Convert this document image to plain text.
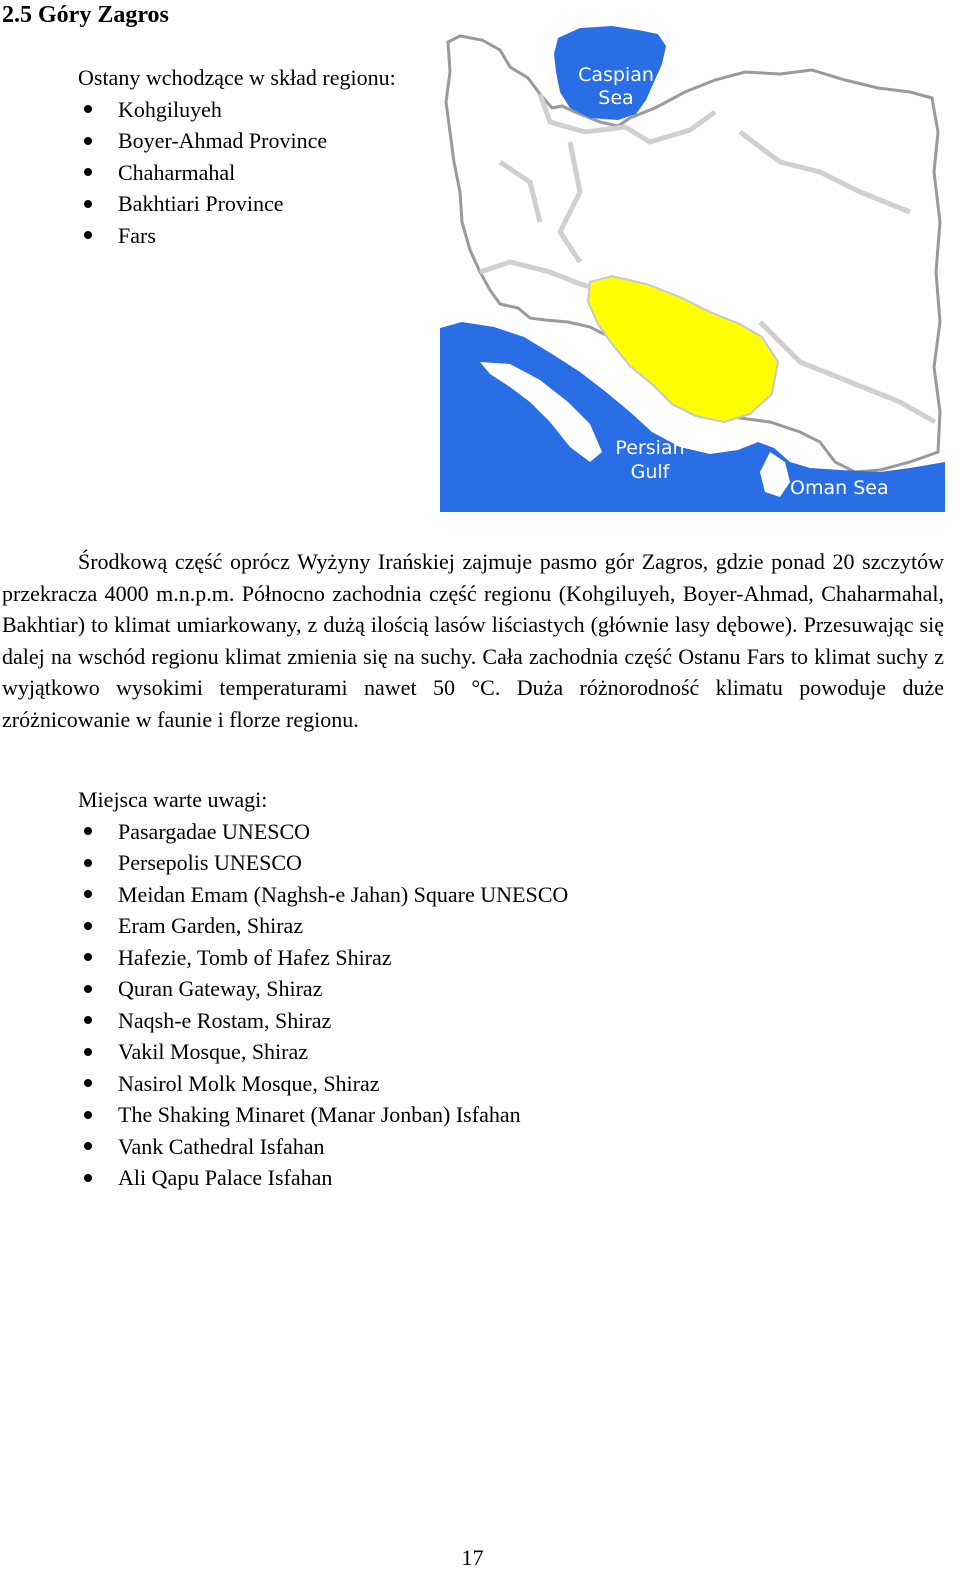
2.5 Góry Zagros

Ostany wchodzące w skład regionu:

Kohgiluyeh
Boyer-Ahmad Province
Chaharmahal
Bakhtiari Province
Fars
Caspian
Sea
Persian
Gulf
Oman Sea

Środkową część oprócz Wyżyny Irańskiej zajmuje pasmo gór Zagros, gdzie ponad 20 szczytów przekracza 4000 m.n.p.m. Północno zachodnia część regionu (Kohgiluyeh, Boyer-Ahmad, Chaharmahal, Bakhtiar) to klimat umiarkowany, z dużą ilością lasów liściastych (głównie lasy dębowe). Przesuwając się dalej na wschód regionu klimat zmienia się na suchy. Cała zachodnia część Ostanu Fars to klimat suchy z wyjątkowo wysokimi temperaturami nawet 50 °C. Duża różnorodność klimatu powoduje duże zróżnicowanie w faunie i florze regionu.

Miejsca warte uwagi:

Pasargadae UNESCO
Persepolis UNESCO
Meidan Emam (Naghsh-e Jahan) Square UNESCO
Eram Garden, Shiraz
Hafezie, Tomb of Hafez Shiraz
Quran Gateway, Shiraz
Naqsh-e Rostam, Shiraz
Vakil Mosque, Shiraz
Nasirol Molk Mosque, Shiraz
The Shaking Minaret (Manar Jonban) Isfahan
Vank Cathedral Isfahan
Ali Qapu Palace Isfahan
17
